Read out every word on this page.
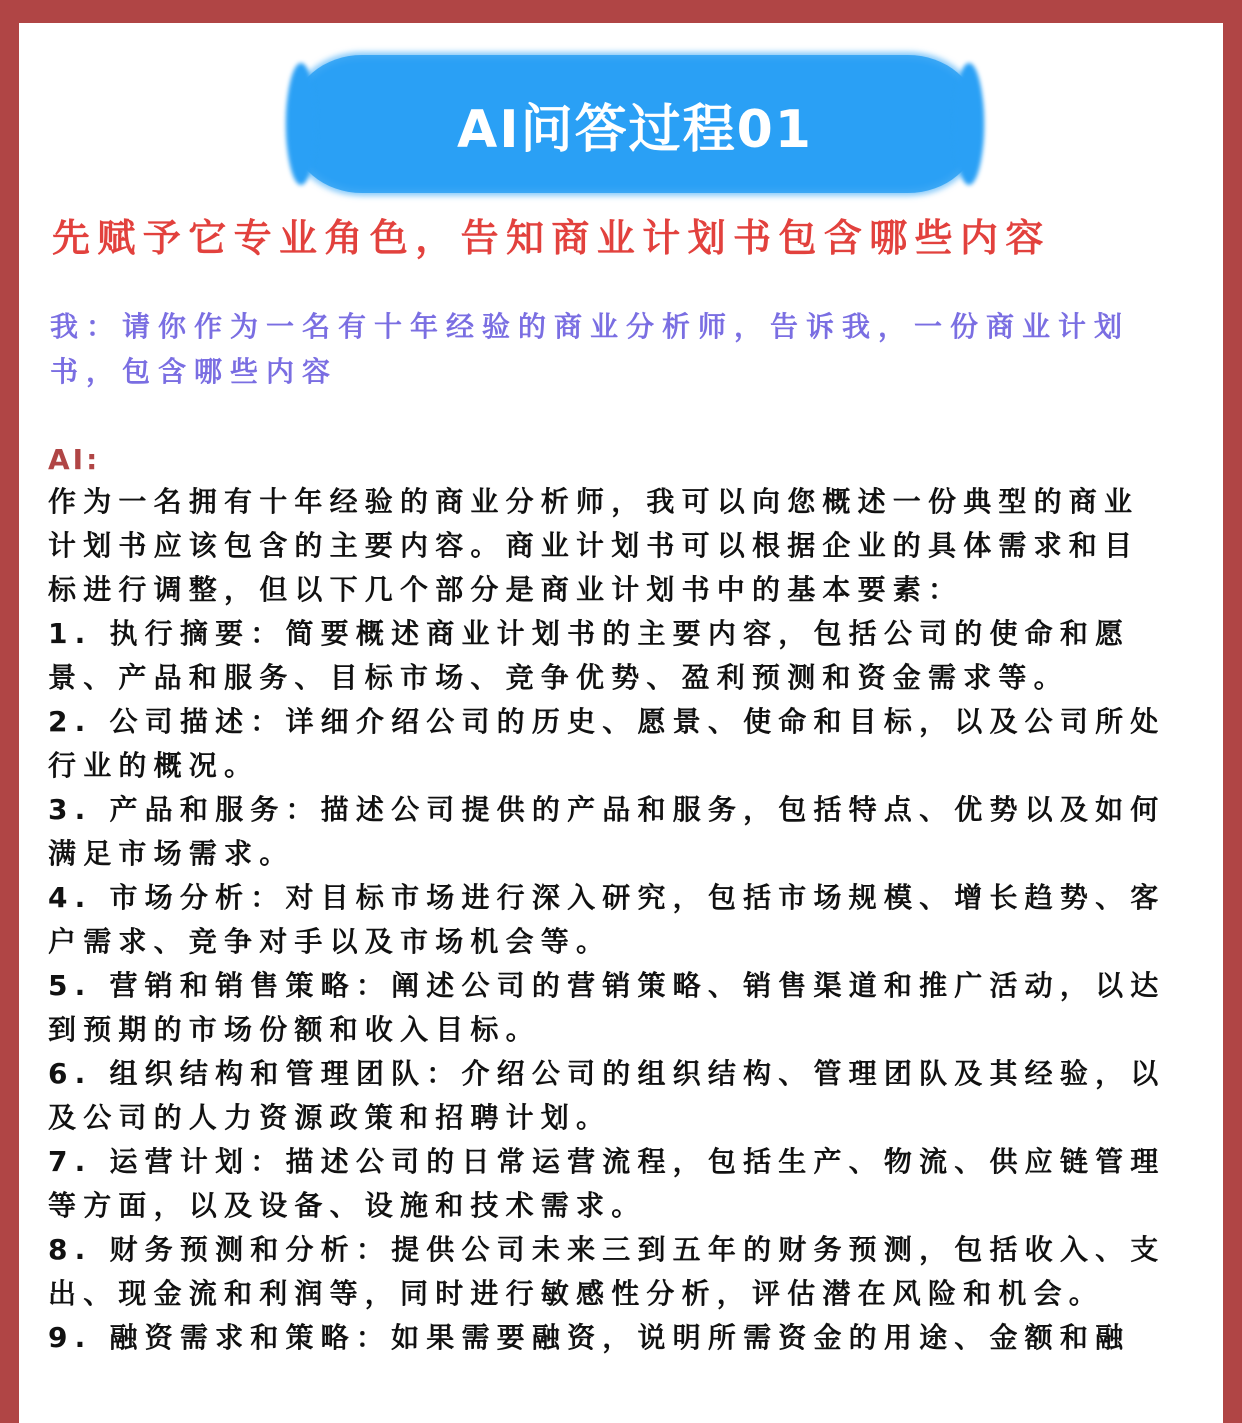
AI问答过程01
先赋予它专业角色，告知商业计划书包含哪些内容
我：请你作为一名有十年经验的商业分析师，告诉我，一份商业计划书，包含哪些内容
AI:

作为一名拥有十年经验的商业分析师，我可以向您概述一份典型的商业计划书应该包含的主要内容。商业计划书可以根据企业的具体需求和目标进行调整，但以下几个部分是商业计划书中的基本要素：

1. 执行摘要：简要概述商业计划书的主要内容，包括公司的使命和愿景、产品和服务、目标市场、竞争优势、盈利预测和资金需求等。

2. 公司描述：详细介绍公司的历史、愿景、使命和目标，以及公司所处行业的概况。

3. 产品和服务：描述公司提供的产品和服务，包括特点、优势以及如何满足市场需求。

4. 市场分析：对目标市场进行深入研究，包括市场规模、增长趋势、客户需求、竞争对手以及市场机会等。

5. 营销和销售策略：阐述公司的营销策略、销售渠道和推广活动，以达到预期的市场份额和收入目标。

6. 组织结构和管理团队：介绍公司的组织结构、管理团队及其经验，以及公司的人力资源政策和招聘计划。

7. 运营计划：描述公司的日常运营流程，包括生产、物流、供应链管理等方面，以及设备、设施和技术需求。

8. 财务预测和分析：提供公司未来三到五年的财务预测，包括收入、支出、现金流和利润等，同时进行敏感性分析，评估潜在风险和机会。

9. 融资需求和策略：如果需要融资，说明所需资金的用途、金额和融
